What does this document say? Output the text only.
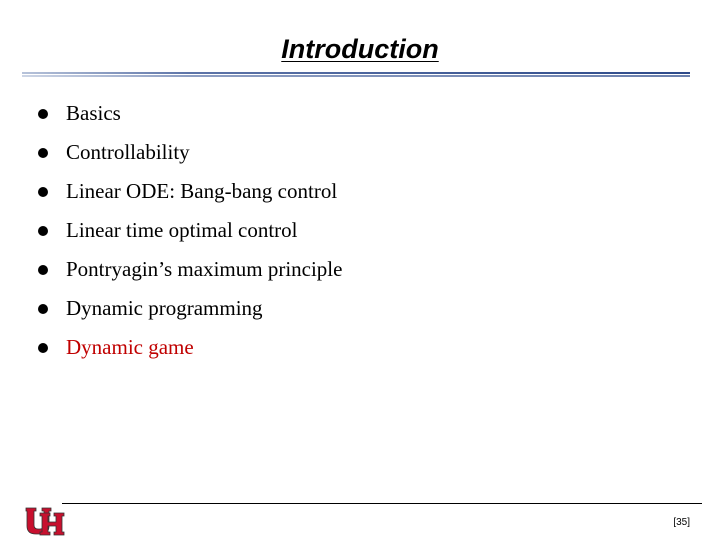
Introduction
Basics
Controllability
Linear ODE: Bang-bang control
Linear time optimal control
Pontryagin’s maximum principle
Dynamic programming
Dynamic game
[35]
